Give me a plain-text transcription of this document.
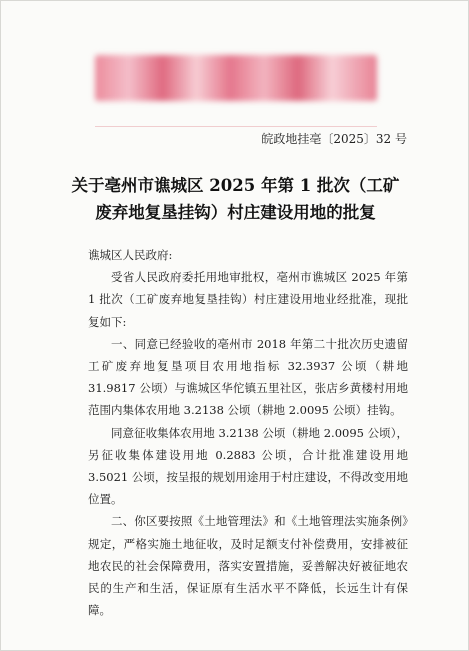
皖政地挂亳〔2025〕32 号
关于亳州市谯城区 2025 年第 1 批次（工矿
废弃地复垦挂钩）村庄建设用地的批复

谯城区人民政府:

受省人民政府委托用地审批权，亳州市谯城区 2025 年第 1 批次（工矿废弃地复垦挂钩）村庄建设用地业经批准，现批复如下:

一、同意已经验收的亳州市 2018 年第二十批次历史遗留工矿废弃地复垦项目农用地指标 32.3937 公顷（耕地 31.9817 公顷）与谯城区华佗镇五里社区，张店乡黄楼村用地范围内集体农用地 3.2138 公顷（耕地 2.0095 公顷）挂钩。

同意征收集体农用地 3.2138 公顷（耕地 2.0095 公顷），另征收集体建设用地 0.2883 公顷，合计批准建设用地 3.5021 公顷，按呈报的规划用途用于村庄建设，不得改变用地位置。

二、你区要按照《土地管理法》和《土地管理法实施条例》规定，严格实施土地征收，及时足额支付补偿费用，安排被征地农民的社会保障费用，落实安置措施，妥善解决好被征地农民的生产和生活，保证原有生活水平不降低，长远生计有保障。
